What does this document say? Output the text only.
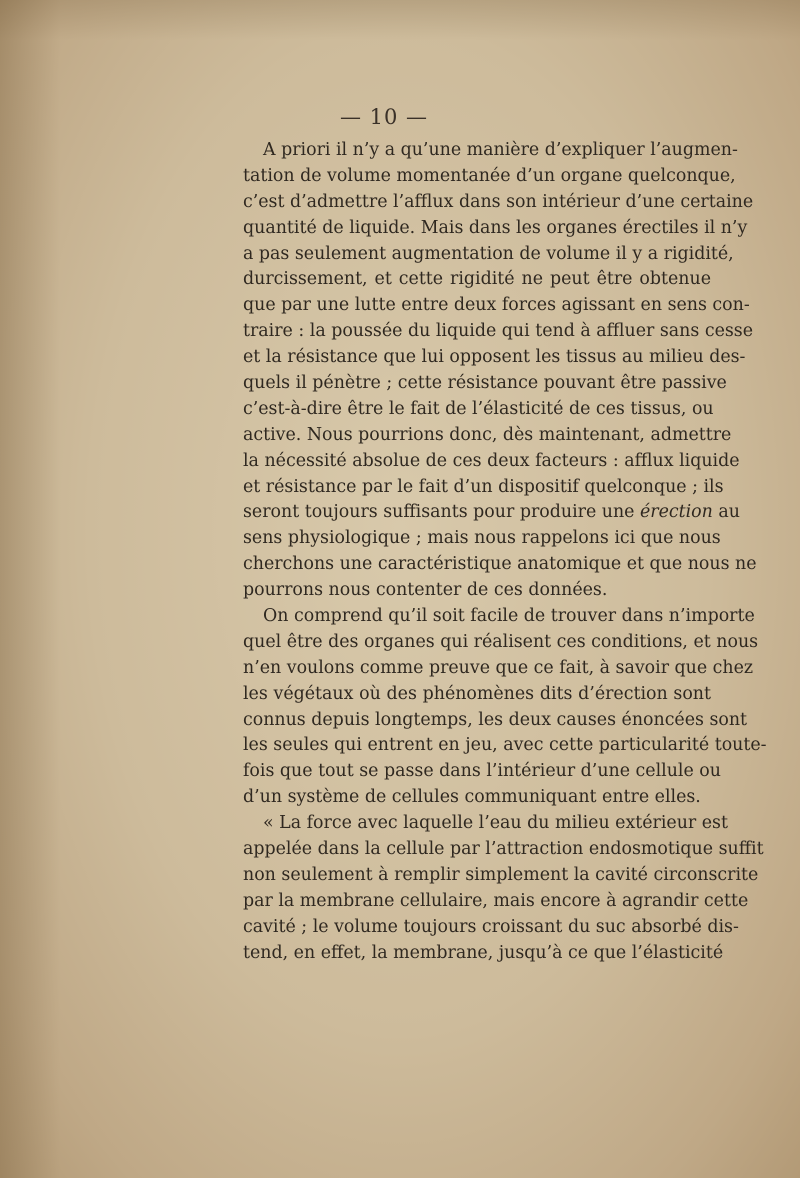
— 10 —
A priori il n’y a qu’une manière d’expliquer l’augmen-
tation de volume momentanée d’un organe quelconque,
c’est d’admettre l’afflux dans son intérieur d’une certaine
quantité de liquide. Mais dans les organes érectiles il n’y
a pas seulement augmentation de volume il y a rigidité,
durcissement, et cette rigidité ne peut être obtenue
que par une lutte entre deux forces agissant en sens con-
traire : la poussée du liquide qui tend à affluer sans cesse
et la résistance que lui opposent les tissus au milieu des-
quels il pénètre ; cette résistance pouvant être passive
c’est-à-dire être le fait de l’élasticité de ces tissus, ou
active. Nous pourrions donc, dès maintenant, admettre
la nécessité absolue de ces deux facteurs : afflux liquide
et résistance par le fait d’un dispositif quelconque ; ils
seront toujours suffisants pour produire une érection au
sens physiologique ; mais nous rappelons ici que nous
cherchons une caractéristique anatomique et que nous ne
pourrons nous contenter de ces données.
On comprend qu’il soit facile de trouver dans n’importe
quel être des organes qui réalisent ces conditions, et nous
n’en voulons comme preuve que ce fait, à savoir que chez
les végétaux où des phénomènes dits d’érection sont
connus depuis longtemps, les deux causes énoncées sont
les seules qui entrent en jeu, avec cette particularité toute-
fois que tout se passe dans l’intérieur d’une cellule ou
d’un système de cellules communiquant entre elles.
« La force avec laquelle l’eau du milieu extérieur est
appelée dans la cellule par l’attraction endosmotique suffit
non seulement à remplir simplement la cavité circonscrite
par la membrane cellulaire, mais encore à agrandir cette
cavité ; le volume toujours croissant du suc absorbé dis-
tend, en effet, la membrane, jusqu’à ce que l’élasticité
